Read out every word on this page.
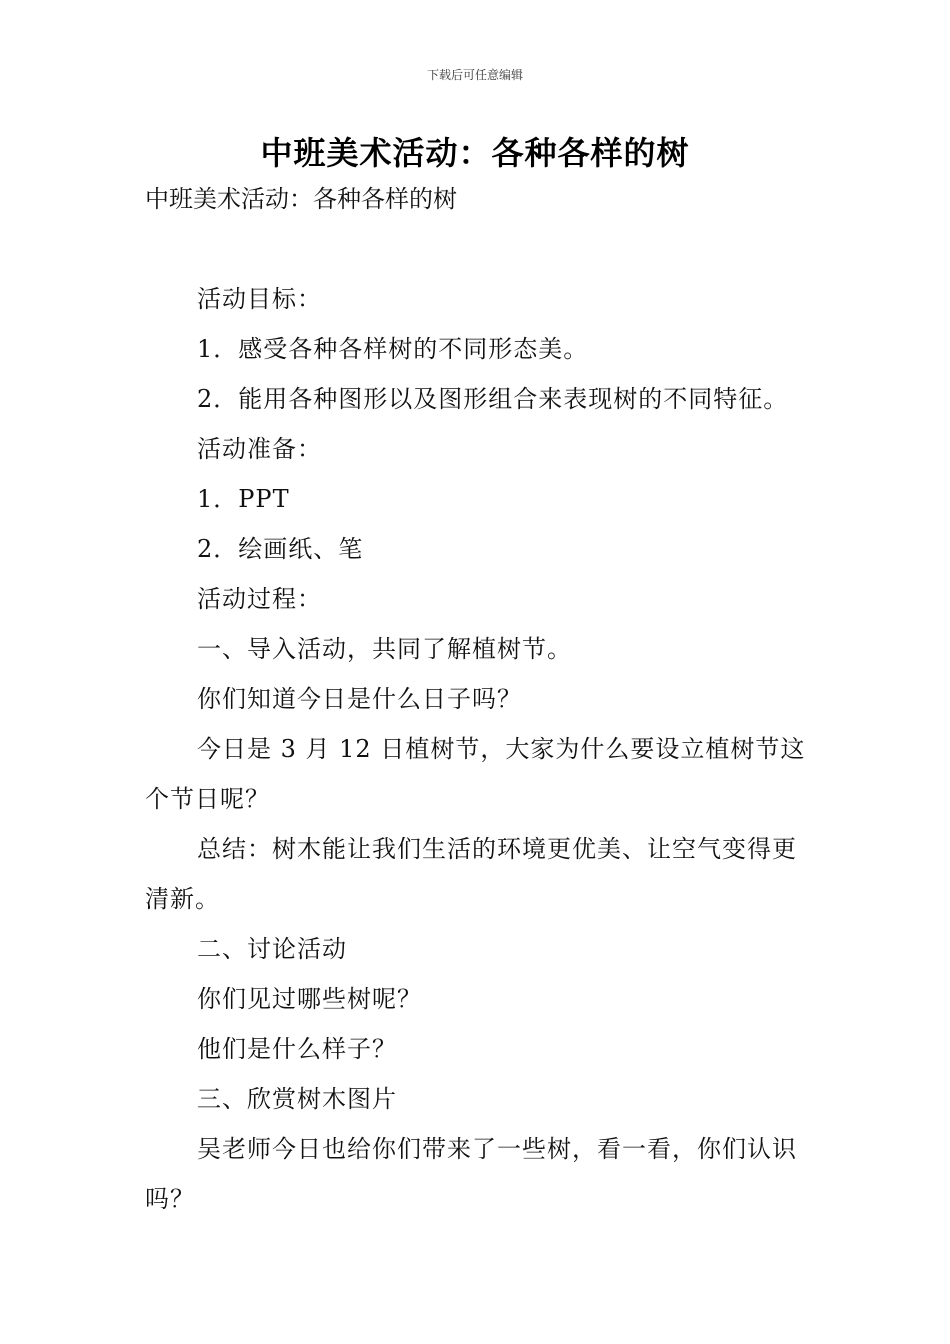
下载后可任意编辑
中班美术活动：各种各样的树
中班美术活动：各种各样的树

活动目标：

1．感受各种各样树的不同形态美。

2．能用各种图形以及图形组合来表现树的不同特征。

活动准备：

1．PPT

2．绘画纸、笔

活动过程：

一、导入活动，共同了解植树节。

你们知道今日是什么日子吗？

今日是 3 月 12 日植树节，大家为什么要设立植树节这个节日呢？

总结：树木能让我们生活的环境更优美、让空气变得更清新。

二、讨论活动

你们见过哪些树呢？

他们是什么样子？

三、欣赏树木图片

吴老师今日也给你们带来了一些树，看一看，你们认识吗？
